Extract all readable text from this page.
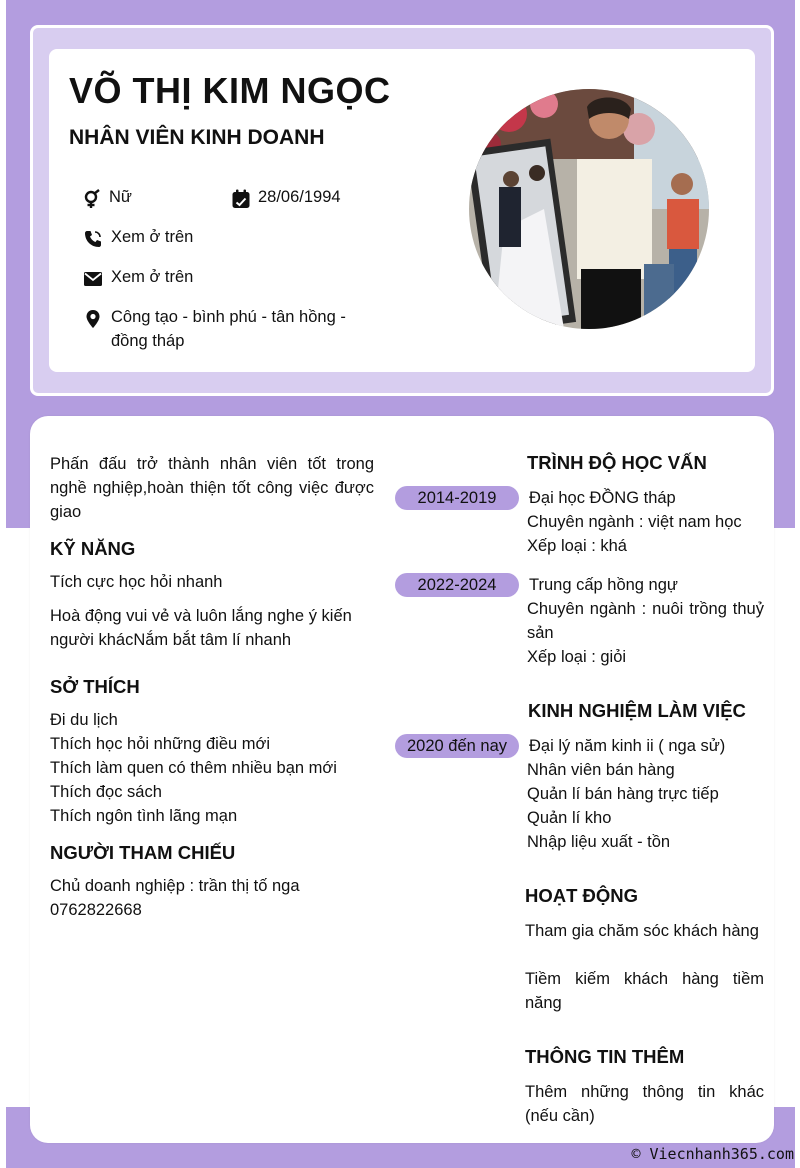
VÕ THỊ KIM NGỌC
NHÂN VIÊN KINH DOANH
Nữ	28/06/1994
Xem ở trên
Xem ở trên
Công tạo - bình phú - tân hồng - đồng tháp
Phấn đấu trở thành nhân viên tốt trong nghề nghiệp,hoàn thiện tốt công việc được giao
KỸ NĂNG
Tích cực học hỏi nhanh
Hoà động vui vẻ và luôn lắng nghe ý kiến người khácNắm bắt tâm lí nhanh
SỞ THÍCH
Đi du lịch
Thích học hỏi những điều mới
Thích làm quen có thêm nhiều bạn mới
Thích đọc sách
Thích ngôn tình lãng mạn
NGƯỜI THAM CHIẾU
Chủ doanh nghiệp : trần thị tố nga
0762822668
TRÌNH ĐỘ HỌC VẤN
2014-2019	Đại học ĐỒNG tháp
Chuyên ngành : việt nam học
Xếp loại : khá
2022-2024	Trung cấp hồng ngự
Chuyên ngành : nuôi trồng thuỷ sản
Xếp loại : giỏi
KINH NGHIỆM LÀM VIỆC
2020 đến nay	Đại lý năm kinh ii ( nga sử)
Nhân viên bán hàng
Quản lí bán hàng trực tiếp
Quản lí kho
Nhập liệu xuất - tồn
HOẠT ĐỘNG
Tham gia chăm sóc khách hàng
Tiềm kiếm khách hàng tiềm năng
THÔNG TIN THÊM
Thêm những thông tin khác (nếu cần)
© Viecnhanh365.com
